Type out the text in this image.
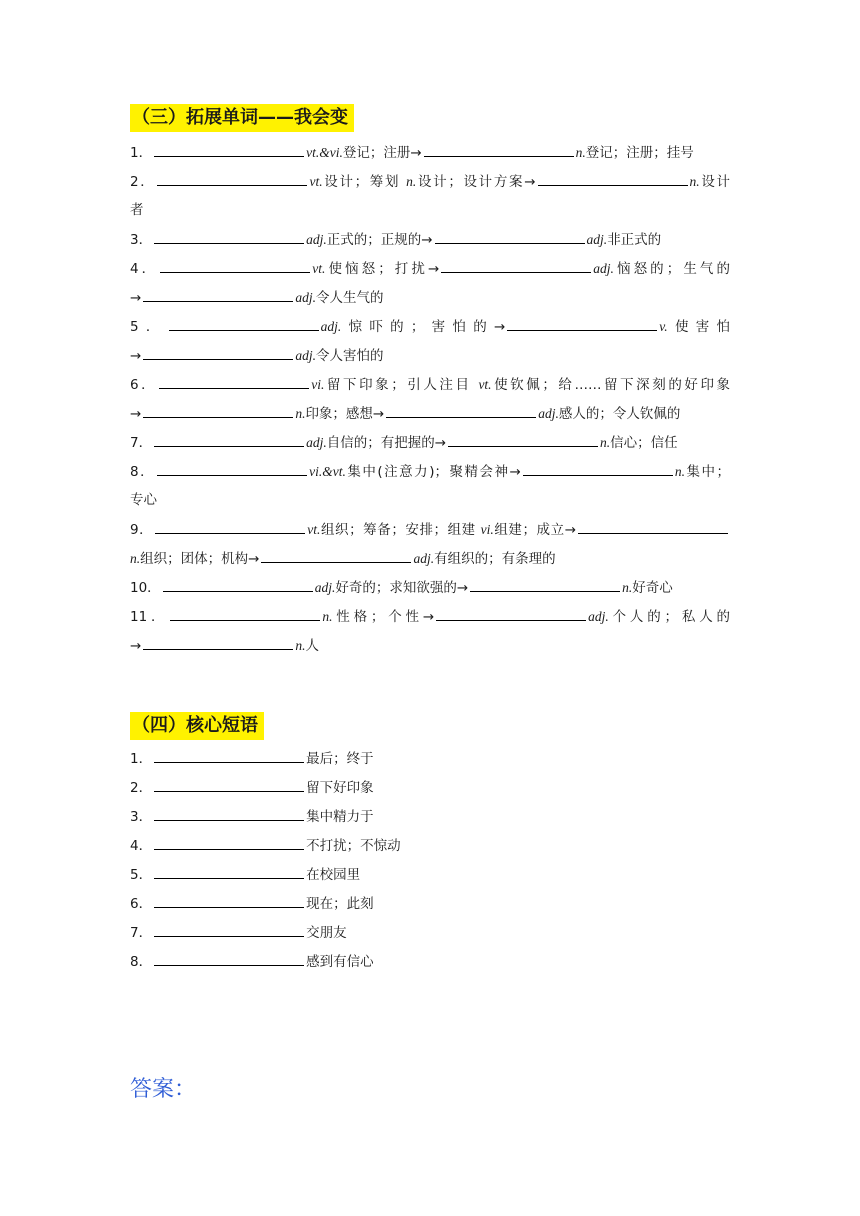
（三）拓展单词——我会变
1．	vt.&vi.登记；注册→	n.登记；注册；挂号
2．	vt.设计；筹划 n.设计；设计方案→	n.设计
者
3．	adj.正式的；正规的→	adj.非正式的
4．	vt.使恼怒；打扰→	adj.恼怒的；生气的
→	adj.令人生气的
5．	adj.惊吓的；害怕的→	v.使害怕
→	adj.令人害怕的
6．	vi.留下印象；引人注目 vt.使钦佩；给……留下深刻的好印象
→	n.印象；感想→	adj.感人的；令人钦佩的
7．	adj.自信的；有把握的→	n.信心；信任
8．	vi.&vt.集中(注意力)；聚精会神→	n.集中；
专心
9．	vt.组织；筹备；安排；组建 vi.组建；成立→
n.组织；团体；机构→	adj.有组织的；有条理的
10．	adj.好奇的；求知欲强的→	n.好奇心
11．	n.性格；个性→	adj.个人的；私人的
→	n.人
（四）核心短语
1．	最后；终于
2．	留下好印象
3．	集中精力于
4．	不打扰；不惊动
5．	在校园里
6．	现在；此刻
7．	交朋友
8．	感到有信心
答案：
